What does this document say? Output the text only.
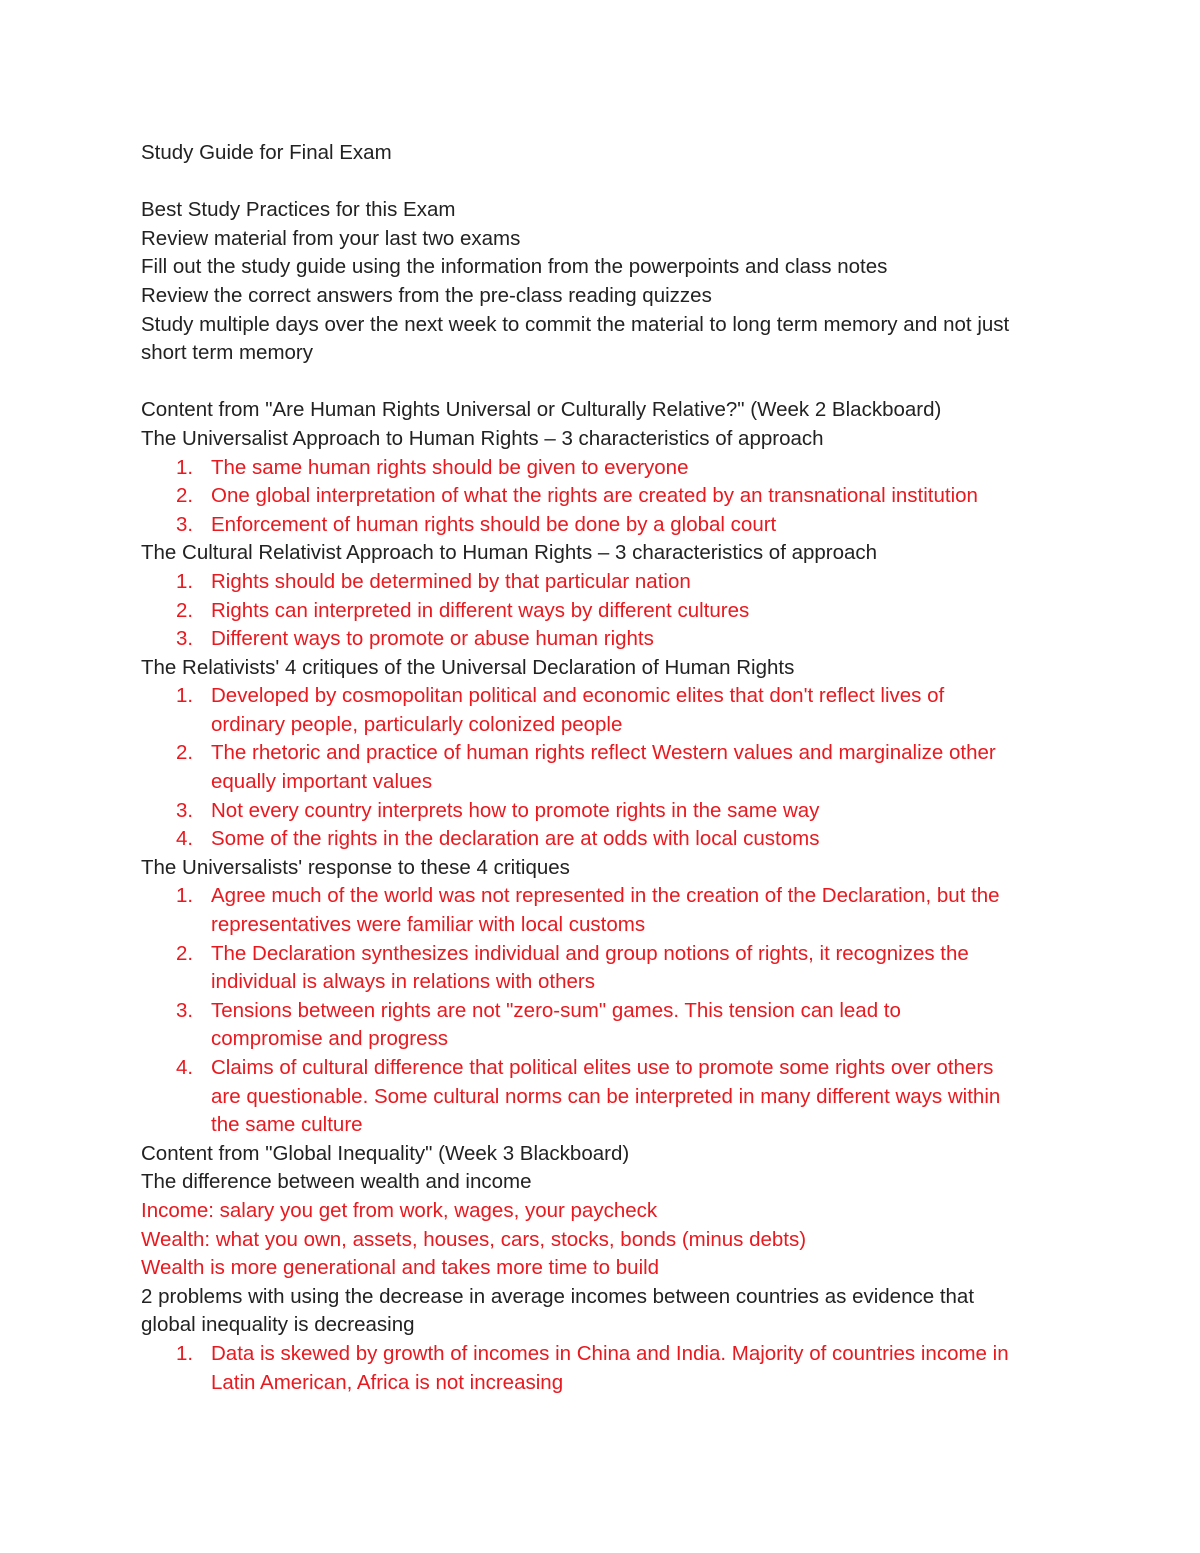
Study Guide for Final Exam

Best Study Practices for this Exam

Review material from your last two exams

Fill out the study guide using the information from the powerpoints and class notes

Review the correct answers from the pre-class reading quizzes

Study multiple days over the next week to commit the material to long term memory and not just

short term memory

Content from "Are Human Rights Universal or Culturally Relative?" (Week 2 Blackboard)

The Universalist Approach to Human Rights – 3 characteristics of approach

1. The same human rights should be given to everyone
2. One global interpretation of what the rights are created by an transnational institution
3. Enforcement of human rights should be done by a global court

The Cultural Relativist Approach to Human Rights – 3 characteristics of approach

1. Rights should be determined by that particular nation
2. Rights can interpreted in different ways by different cultures
3. Different ways to promote or abuse human rights

The Relativists' 4 critiques of the Universal Declaration of Human Rights

1. Developed by cosmopolitan political and economic elites that don't reflect lives of
ordinary people, particularly colonized people
2. The rhetoric and practice of human rights reflect Western values and marginalize other
equally important values
3. Not every country interprets how to promote rights in the same way
4. Some of the rights in the declaration are at odds with local customs

The Universalists' response to these 4 critiques

1. Agree much of the world was not represented in the creation of the Declaration, but the
representatives were familiar with local customs
2. The Declaration synthesizes individual and group notions of rights, it recognizes the
individual is always in relations with others
3. Tensions between rights are not "zero-sum" games. This tension can lead to
compromise and progress
4. Claims of cultural difference that political elites use to promote some rights over others
are questionable. Some cultural norms can be interpreted in many different ways within
the same culture

Content from "Global Inequality" (Week 3 Blackboard)

The difference between wealth and income

Income: salary you get from work, wages, your paycheck

Wealth: what you own, assets, houses, cars, stocks, bonds (minus debts)

Wealth is more generational and takes more time to build

2 problems with using the decrease in average incomes between countries as evidence that

global inequality is decreasing

1. Data is skewed by growth of incomes in China and India. Majority of countries income in
Latin American, Africa is not increasing
